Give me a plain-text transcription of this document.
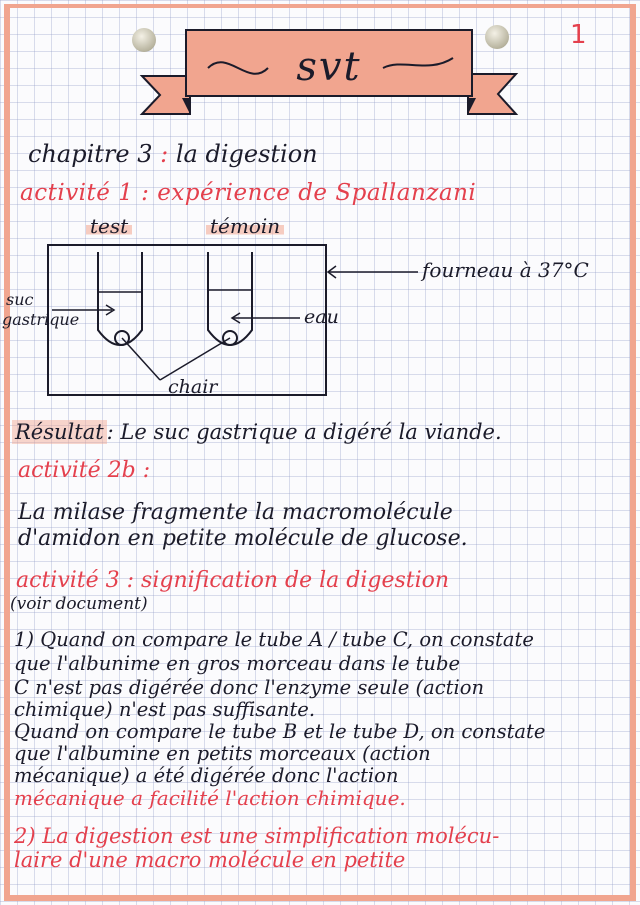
1
svt
chapitre 3 : la digestion
activité 1 : expérience de Spallanzani
test	témoin
fourneau à 37°C
suc
gastrique	eau
chair
Résultat : Le suc gastrique a digéré la viande.
activité 2b :
La milase fragmente la macromolécule
d'amidon en petite molécule de glucose.
activité 3 : signification de la digestion
(voir document)
1) Quand on compare le tube A / tube C, on constate
que l'albunime en gros morceau dans le tube
C n'est pas digérée donc l'enzyme seule (action
chimique) n'est pas suffisante.
Quand on compare le tube B et le tube D, on constate
que l'albumine en petits morceaux (action
mécanique) a été digérée donc l'action
mécanique a facilité l'action chimique.
2) La digestion est une simplification molécu-
laire d'une macro molécule en petite
